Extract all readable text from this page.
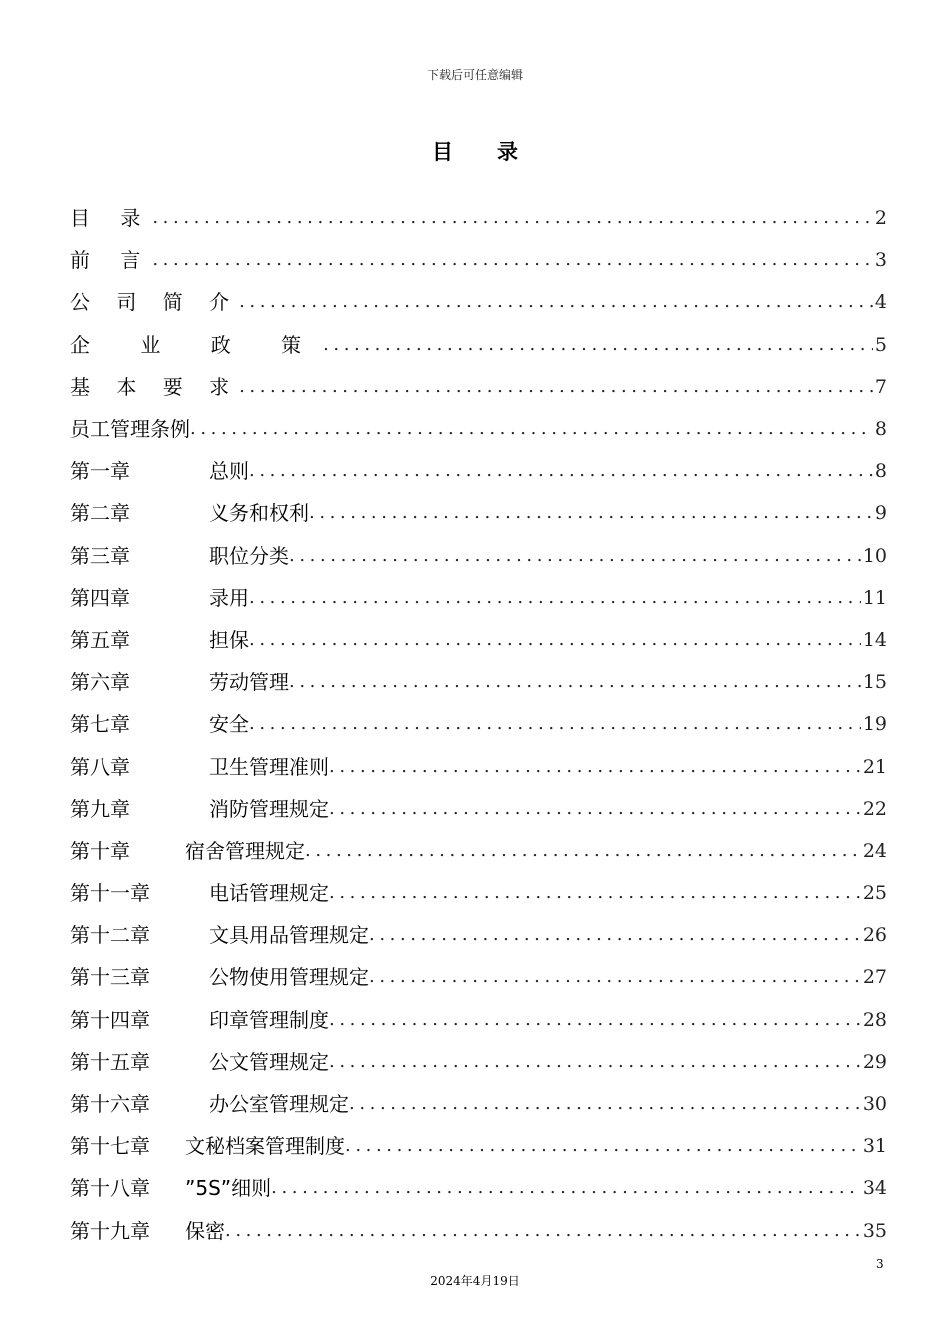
下载后可任意编辑
目录
目 录 .....	2
前 言 .....	3
公 司 简 介 .....	4
企 业 政 策 .....	5
基 本 要 求 .....	7
员工管理条例 .....	8
第一章	总则 .....	8
第二章	义务和权利 .....	9
第三章	职位分类 .....	10
第四章	录用 .....	11
第五章	担保 .....	14
第六章	劳动管理 .....	15
第七章	安全 .....	19
第八章	卫生管理准则 .....	21
第九章	消防管理规定 .....	22
第十章	宿舍管理规定 .....	24
第十一章	电话管理规定 .....	25
第十二章	文具用品管理规定 .....	26
第十三章	公物使用管理规定 .....	27
第十四章	印章管理制度 .....	28
第十五章	公文管理规定 .....	29
第十六章	办公室管理规定 .....	30
第十七章	文秘档案管理制度 .....	31
第十八章	”5S”细则 .....	34
第十九章	保密 .....	35
3
2024年4月19日
